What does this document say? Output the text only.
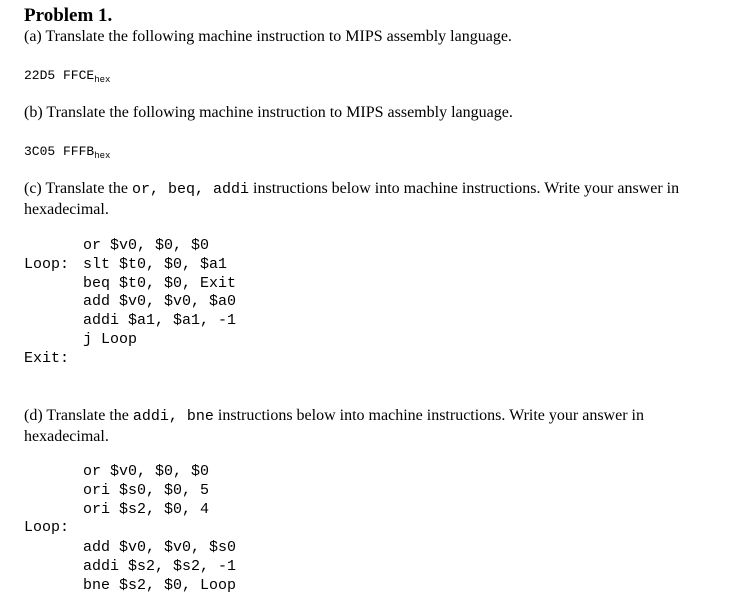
Problem 1.
(a) Translate the following machine instruction to MIPS assembly language.
22D5 $FFCE_{hex}$
(b) Translate the following machine instruction to MIPS assembly language.
3C05 $FFFB_{hex}$
(c) Translate the or, beq, addi instructions below into machine instructions. Write your answer in hexadecimal.
Loop:
Exit:
or $v0, $0, $0
slt $t0, $0, $a1
beq $t0, $0, Exit
add $v0, $v0, $a0
addi $a1, $a1, -1
j Loop
(d) Translate the addi, bne instructions below into machine instructions. Write your answer in hexadecimal.
or $v0, $0, $0
ori $s0, $0, 5
ori $s2, $0, 4
Loop:
add $v0, $v0, $s0
addi $s2, $s2, -1
bne $s2, $0, Loop
